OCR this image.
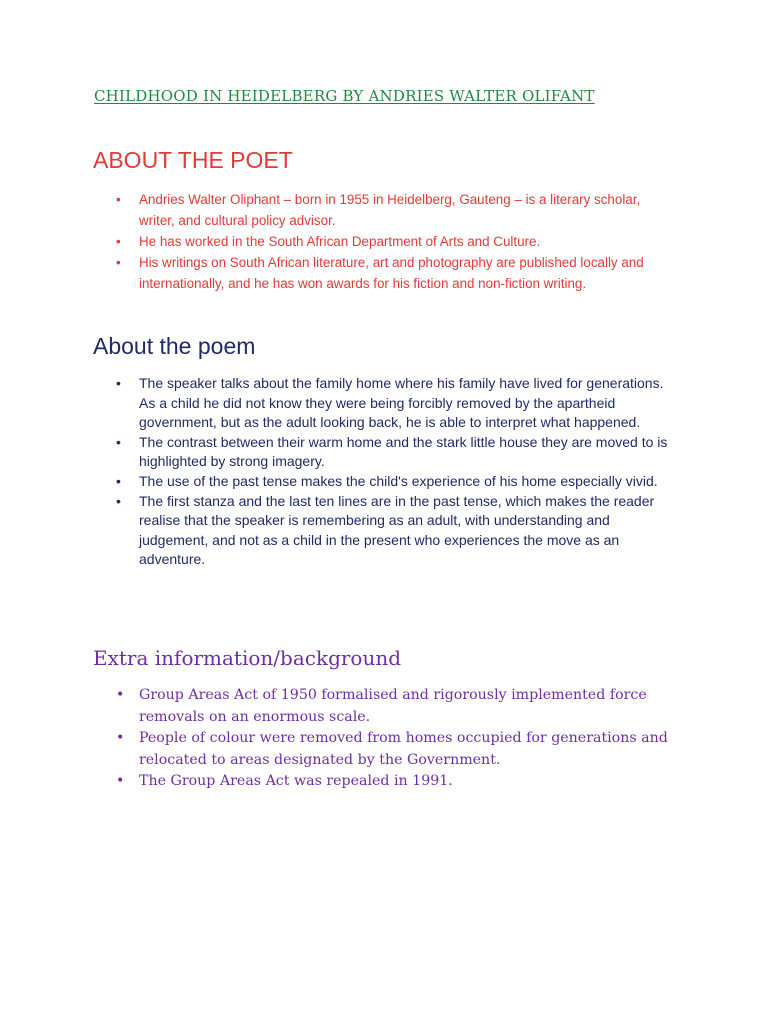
CHILDHOOD IN HEIDELBERG BY ANDRIES WALTER OLIFANT
ABOUT THE POET
• Andries Walter Oliphant – born in 1955 in Heidelberg, Gauteng – is a literary scholar, writer, and cultural policy advisor.
• He has worked in the South African Department of Arts and Culture.
• His writings on South African literature, art and photography are published locally and internationally, and he has won awards for his fiction and non-fiction writing.
About the poem
• The speaker talks about the family home where his family have lived for generations. As a child he did not know they were being forcibly removed by the apartheid government, but as the adult looking back, he is able to interpret what happened.
• The contrast between their warm home and the stark little house they are moved to is highlighted by strong imagery.
• The use of the past tense makes the child's experience of his home especially vivid.
• The first stanza and the last ten lines are in the past tense, which makes the reader realise that the speaker is remembering as an adult, with understanding and judgement, and not as a child in the present who experiences the move as an adventure.
Extra information/background
• Group Areas Act of 1950 formalised and rigorously implemented force removals on an enormous scale.
• People of colour were removed from homes occupied for generations and relocated to areas designated by the Government.
• The Group Areas Act was repealed in 1991.
